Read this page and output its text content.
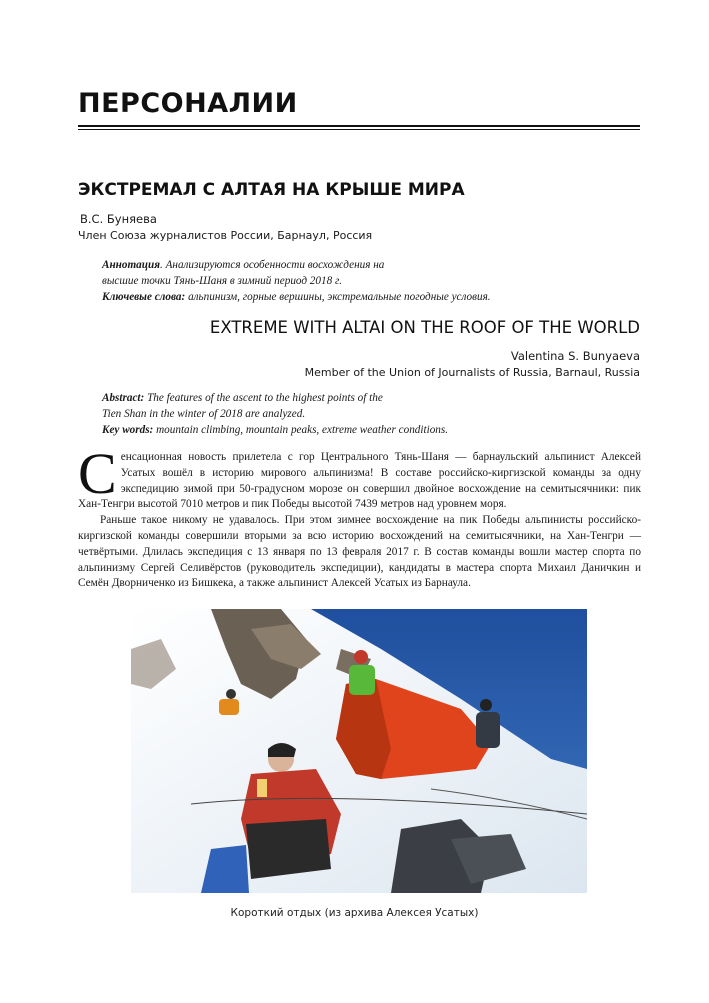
ПЕРСОНАЛИИ
ЭКСТРЕМАЛ С АЛТАЯ НА КРЫШЕ МИРА
В.С. Буняева
Член Союза журналистов России, Барнаул, Россия
Аннотация. Анализируются особенности восхождения на
высшие точки Тянь-Шаня в зимний период 2018 г.
Ключевые слова: альпинизм, горные вершины, экстремальные погодные условия.
EXTREME WITH ALTAI ON THE ROOF OF THE WORLD
Valentina S. Bunyaeva
Member of the Union of Journalists of Russia, Barnaul, Russia
Abstract: The features of the ascent to the highest points of the
Tien Shan in the winter of 2018 are analyzed.
Key words: mountain climbing, mountain peaks, extreme weather conditions.

Сенсационная новость прилетела с гор Центрального Тянь-Шаня — барнаульский альпинист Алексей Усатых вошёл в историю мирового альпинизма! В составе российско-киргизской команды за одну экспедицию зимой при 50-градусном морозе он совершил двойное восхождение на семитысячники: пик Хан-Тенгри высотой 7010 метров и пик Победы высотой 7439 метров над уровнем моря.

Раньше такое никому не удавалось. При этом зимнее восхождение на пик Победы альпинисты российско-киргизской команды совершили вторыми за всю историю восхождений на семитысячники, на Хан-Тенгри — четвёртыми. Длилась экспедиция с 13 января по 13 февраля 2017 г. В состав команды вошли мастер спорта по альпинизму Сергей Селивёрстов (руководитель экспедиции), кандидаты в мастера спорта Михаил Даничкин и Семён Дворниченко из Бишкека, а также альпинист Алексей Усатых из Барнаула.

Короткий отдых (из архива Алексея Усатых)
